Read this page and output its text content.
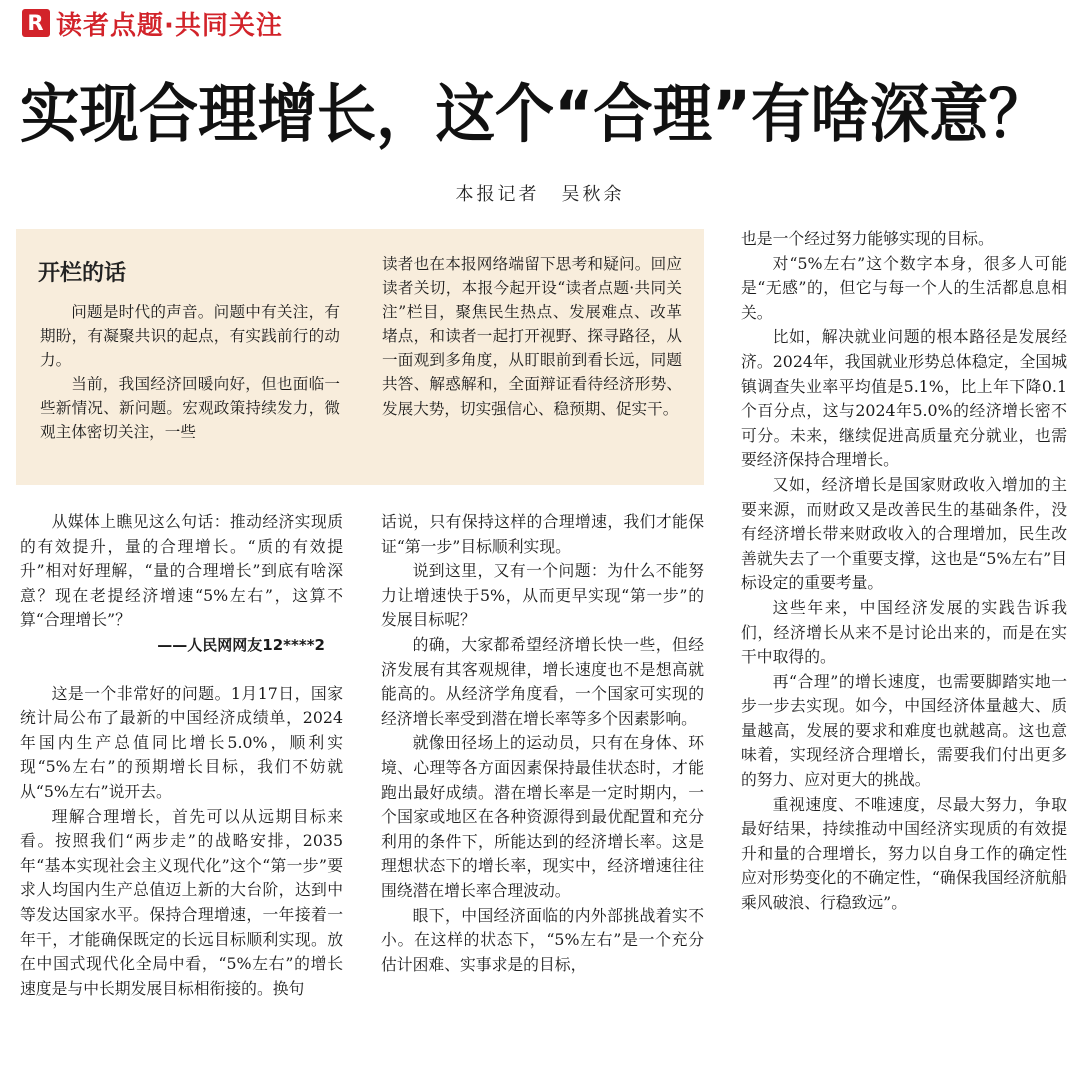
R 读者点题·共同关注
实现合理增长，这个“合理”有啥深意？
本报记者 吴秋余
开栏的话

问题是时代的声音。问题中有关注，有期盼，有凝聚共识的起点，有实践前行的动力。

当前，我国经济回暖向好，但也面临一些新情况、新问题。宏观政策持续发力，微观主体密切关注，一些

读者也在本报网络端留下思考和疑问。回应读者关切，本报今起开设“读者点题·共同关注”栏目，聚焦民生热点、发展难点、改革堵点，和读者一起打开视野、探寻路径，从一面观到多角度，从盯眼前到看长远，同题共答、解惑解和，全面辩证看待经济形势、发展大势，切实强信心、稳预期、促实干。

从媒体上瞧见这么句话：推动经济实现质的有效提升，量的合理增长。“质的有效提升”相对好理解，“量的合理增长”到底有啥深意？现在老提经济增速“5%左右”，这算不算“合理增长”？

——人民网网友12****2

这是一个非常好的问题。1月17日，国家统计局公布了最新的中国经济成绩单，2024年国内生产总值同比增长5.0%，顺利实现“5%左右”的预期增长目标，我们不妨就从“5%左右”说开去。

理解合理增长，首先可以从远期目标来看。按照我们“两步走”的战略安排，2035年“基本实现社会主义现代化”这个“第一步”要求人均国内生产总值迈上新的大台阶，达到中等发达国家水平。保持合理增速，一年接着一年干，才能确保既定的长远目标顺利实现。放在中国式现代化全局中看，“5%左右”的增长速度是与中长期发展目标相衔接的。换句

话说，只有保持这样的合理增速，我们才能保证“第一步”目标顺利实现。

说到这里，又有一个问题：为什么不能努力让增速快于5%，从而更早实现“第一步”的发展目标呢？

的确，大家都希望经济增长快一些，但经济发展有其客观规律，增长速度也不是想高就能高的。从经济学角度看，一个国家可实现的经济增长率受到潜在增长率等多个因素影响。

就像田径场上的运动员，只有在身体、环境、心理等各方面因素保持最佳状态时，才能跑出最好成绩。潜在增长率是一定时期内，一个国家或地区在各种资源得到最优配置和充分利用的条件下，所能达到的经济增长率。这是理想状态下的增长率，现实中，经济增速往往围绕潜在增长率合理波动。

眼下，中国经济面临的内外部挑战着实不小。在这样的状态下，“5%左右”是一个充分估计困难、实事求是的目标，

也是一个经过努力能够实现的目标。

对“5%左右”这个数字本身，很多人可能是“无感”的，但它与每一个人的生活都息息相关。

比如，解决就业问题的根本路径是发展经济。2024年，我国就业形势总体稳定，全国城镇调查失业率平均值是5.1%，比上年下降0.1个百分点，这与2024年5.0%的经济增长密不可分。未来，继续促进高质量充分就业，也需要经济保持合理增长。

又如，经济增长是国家财政收入增加的主要来源，而财政又是改善民生的基础条件，没有经济增长带来财政收入的合理增加，民生改善就失去了一个重要支撑，这也是“5%左右”目标设定的重要考量。

这些年来，中国经济发展的实践告诉我们，经济增长从来不是讨论出来的，而是在实干中取得的。

再“合理”的增长速度，也需要脚踏实地一步一步去实现。如今，中国经济体量越大、质量越高，发展的要求和难度也就越高。这也意味着，实现经济合理增长，需要我们付出更多的努力、应对更大的挑战。

重视速度、不唯速度，尽最大努力，争取最好结果，持续推动中国经济实现质的有效提升和量的合理增长，努力以自身工作的确定性应对形势变化的不确定性，“确保我国经济航船乘风破浪、行稳致远”。
